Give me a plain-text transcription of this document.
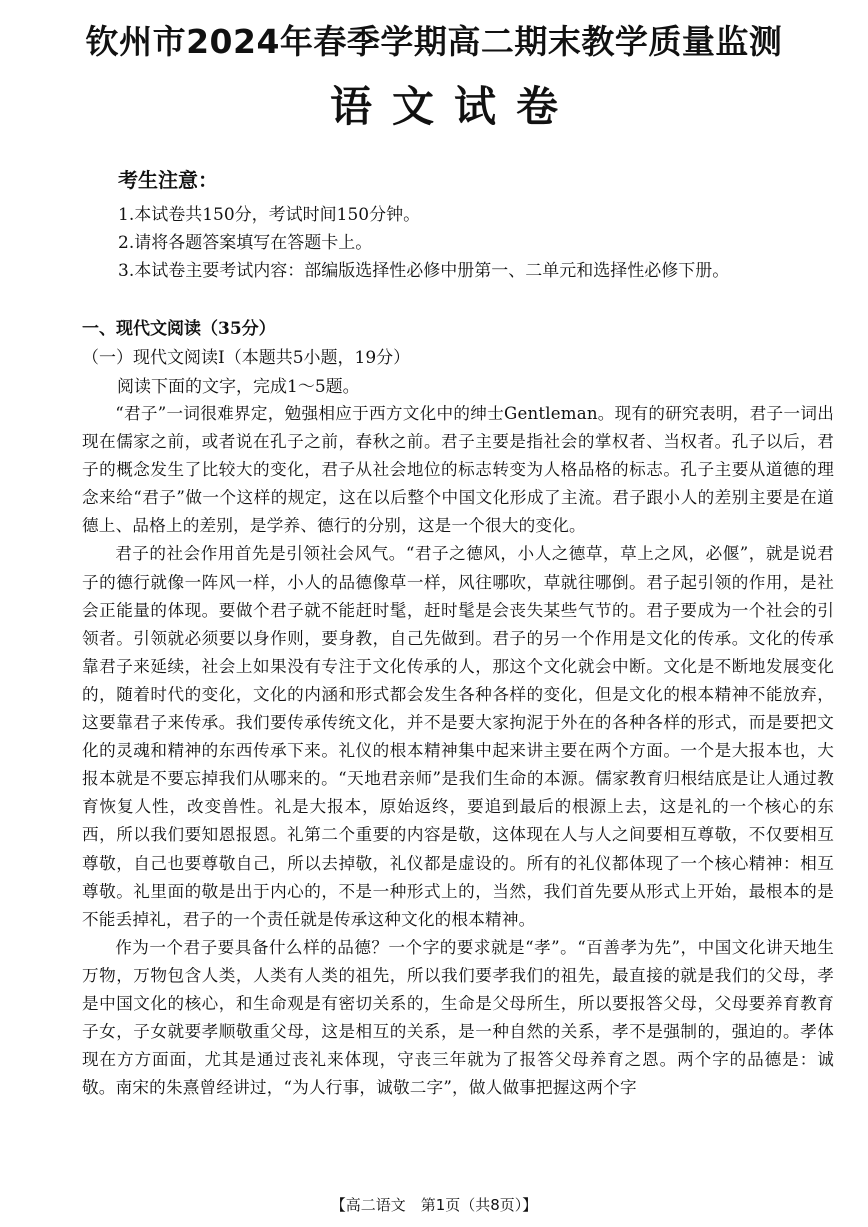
钦州市2024年春季学期高二期末教学质量监测
语文试卷
考生注意：
1.本试卷共150分，考试时间150分钟。
2.请将各题答案填写在答题卡上。
3.本试卷主要考试内容：部编版选择性必修中册第一、二单元和选择性必修下册。
一、现代文阅读（35分）
（一）现代文阅读Ⅰ（本题共5小题，19分）
阅读下面的文字，完成1～5题。

“君子”一词很难界定，勉强相应于西方文化中的绅士Gentleman。现有的研究表明，君子一词出现在儒家之前，或者说在孔子之前，春秋之前。君子主要是指社会的掌权者、当权者。孔子以后，君子的概念发生了比较大的变化，君子从社会地位的标志转变为人格品格的标志。孔子主要从道德的理念来给“君子”做一个这样的规定，这在以后整个中国文化形成了主流。君子跟小人的差别主要是在道德上、品格上的差别，是学养、德行的分别，这是一个很大的变化。

君子的社会作用首先是引领社会风气。“君子之德风，小人之德草，草上之风，必偃”，就是说君子的德行就像一阵风一样，小人的品德像草一样，风往哪吹，草就往哪倒。君子起引领的作用，是社会正能量的体现。要做个君子就不能赶时髦，赶时髦是会丧失某些气节的。君子要成为一个社会的引领者。引领就必须要以身作则，要身教，自己先做到。君子的另一个作用是文化的传承。文化的传承靠君子来延续，社会上如果没有专注于文化传承的人，那这个文化就会中断。文化是不断地发展变化的，随着时代的变化，文化的内涵和形式都会发生各种各样的变化，但是文化的根本精神不能放弃，这要靠君子来传承。我们要传承传统文化，并不是要大家拘泥于外在的各种各样的形式，而是要把文化的灵魂和精神的东西传承下来。礼仪的根本精神集中起来讲主要在两个方面。一个是大报本也，大报本就是不要忘掉我们从哪来的。“天地君亲师”是我们生命的本源。儒家教育归根结底是让人通过教育恢复人性，改变兽性。礼是大报本，原始返终，要追到最后的根源上去，这是礼的一个核心的东西，所以我们要知恩报恩。礼第二个重要的内容是敬，这体现在人与人之间要相互尊敬，不仅要相互尊敬，自己也要尊敬自己，所以去掉敬，礼仪都是虚设的。所有的礼仪都体现了一个核心精神：相互尊敬。礼里面的敬是出于内心的，不是一种形式上的，当然，我们首先要从形式上开始，最根本的是不能丢掉礼，君子的一个责任就是传承这种文化的根本精神。

作为一个君子要具备什么样的品德？一个字的要求就是“孝”。“百善孝为先”，中国文化讲天地生万物，万物包含人类，人类有人类的祖先，所以我们要孝我们的祖先，最直接的就是我们的父母，孝是中国文化的核心，和生命观是有密切关系的，生命是父母所生，所以要报答父母，父母要养育教育子女，子女就要孝顺敬重父母，这是相互的关系，是一种自然的关系，孝不是强制的，强迫的。孝体现在方方面面，尤其是通过丧礼来体现，守丧三年就为了报答父母养育之恩。两个字的品德是：诚敬。南宋的朱熹曾经讲过，“为人行事，诚敬二字”，做人做事把握这两个字

【高二语文　第1页（共8页）】
